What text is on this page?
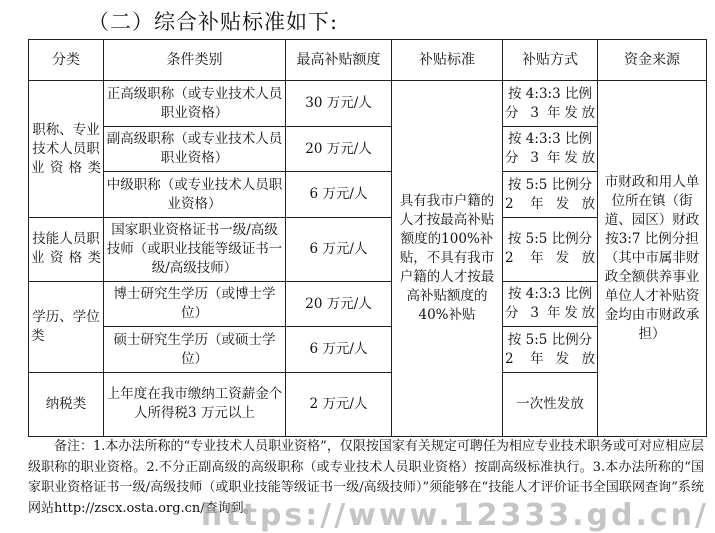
（二）综合补贴标准如下:
分类	条件类别	最高补贴额度	补贴标准	补贴方式	资金来源
职称、专业技术人员职业资格类	正高级职称（或专业技术人员职业资格）	30 万元/人	具有我市户籍的人才按最高补贴额度的100%补贴，不具有我市户籍的人才按最高补贴额度的40%补贴	按 4:3:3 比例分 3 年发放	市财政和用人单位所在镇（街道、园区）财政按3:7 比例分担（其中市属非财政全额供养事业单位人才补贴资金均由市财政承担）
	副高级职称（或专业技术人员职业资格）	20 万元/人		按 4:3:3 比例分 3 年发放	
	中级职称（或专业技术人员职业资格）	6 万元/人		按 5:5 比例分 2 年发放	
技能人员职业资格类	国家职业资格证书一级/高级技师（或职业技能等级证书一级/高级技师）	6 万元/人		按 5:5 比例分 2 年发放	
学历、学位类	博士研究生学历（或博士学位）	20 万元/人		按 4:3:3 比例分 3 年发放	
	硕士研究生学历（或硕士学位）	6 万元/人		按 5:5 比例分 2 年发放	
纳税类	上年度在我市缴纳工资薪金个人所得税3 万元以上	2 万元/人		一次性发放	
备注：1.本办法所称的“专业技术人员职业资格”，仅限按国家有关规定可聘任为相应专业技术职务或可对应相应层级职称的职业资格。2.不分正副高级的高级职称（或专业技术人员职业资格）按副高级标准执行。3.本办法所称的“国家职业资格证书一级/高级技师（或职业技能等级证书一级/高级技师）”须能够在“技能人才评价证书全国联网查询”系统网站http://zscx.osta.org.cn/查询到。
https://www.12333.gd.cn/
